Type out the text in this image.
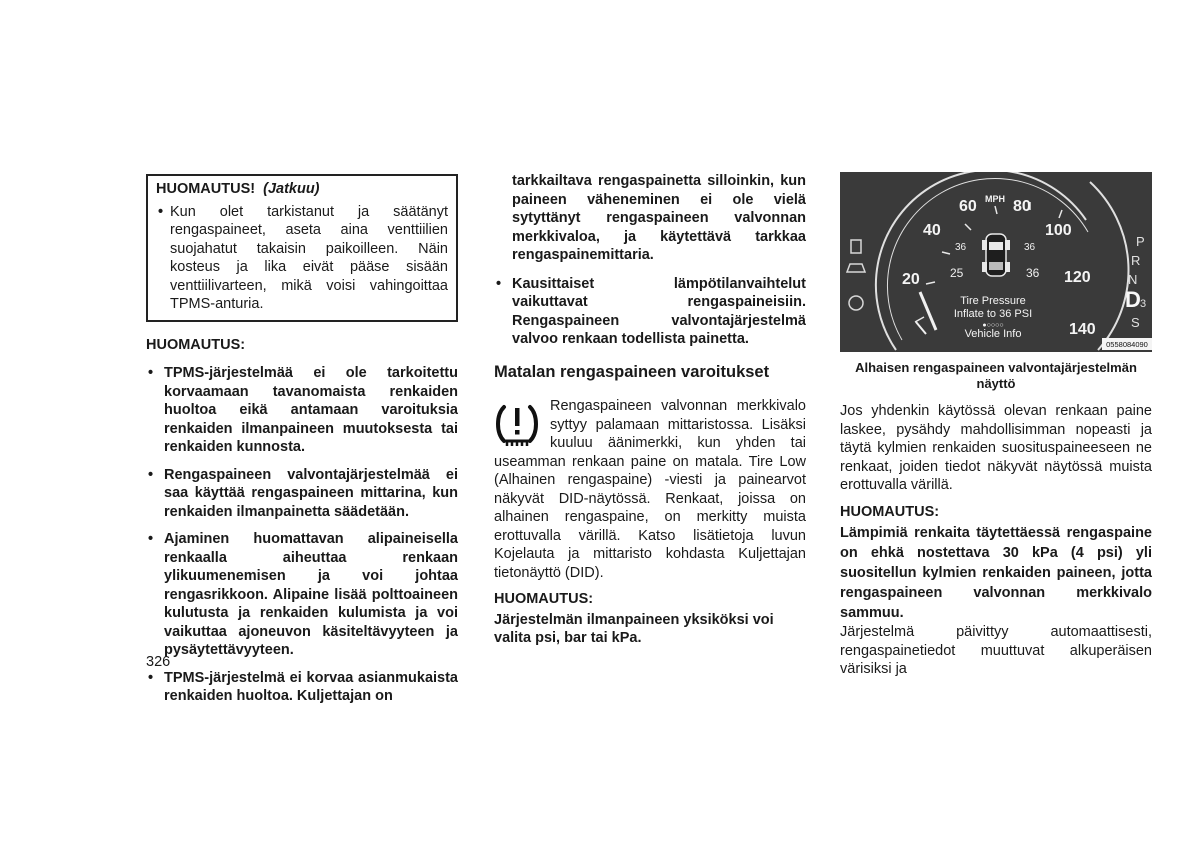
HUOMAUTUS! (Jatkuu)
• Kun olet tarkistanut ja säätänyt rengaspaineet, aseta aina venttiilien suojahatut takaisin paikoilleen. Näin kosteus ja lika eivät pääse sisään venttiilivarteen, mikä voisi vahingoittaa TPMS-anturia.
HUOMAUTUS:
• TPMS-järjestelmää ei ole tarkoitettu korvaamaan tavanomaista renkaiden huoltoa eikä antamaan varoituksia renkaiden ilmanpaineen muutoksesta tai renkaiden kunnosta.
• Rengaspaineen valvontajärjestelmää ei saa käyttää rengaspaineen mittarina, kun renkaiden ilmanpainetta säädetään.
• Ajaminen huomattavan alipaineisella renkaalla aiheuttaa renkaan ylikuumenemisen ja voi johtaa rengasrikkoon. Alipaine lisää polttoaineen kulutusta ja renkaiden kulumista ja voi vaikuttaa ajoneuvon käsiteltävyyteen ja pysäytettävyyteen.
• TPMS-järjestelmä ei korvaa asianmukaista renkaiden huoltoa. Kuljettajan on
tarkkailtava rengaspainetta silloinkin, kun paineen väheneminen ei ole vielä sytyttänyt rengaspaineen valvonnan merkkivaloa, ja käytettävä tarkkaa rengaspainemittaria.
• Kausittaiset lämpötilanvaihtelut vaikuttavat rengaspaineisiin. Rengaspaineen valvontajärjestelmä valvoo renkaan todellista painetta.
Matalan rengaspaineen varoitukset
Rengaspaineen valvonnan merkkivalo syttyy palamaan mittaristossa. Lisäksi kuuluu äänimerkki, kun yhden tai useamman renkaan paine on matala. Tire Low (Alhainen rengaspaine) -viesti ja painearvot näkyvät DID-näytössä. Renkaat, joissa on alhainen rengaspaine, on merkitty muista erottuvalla värillä. Katso lisätietoja luvun Kojelauta ja mittaristo kohdasta Kuljettajan tietonäyttö (DID).
HUOMAUTUS:
Järjestelmän ilmanpaineen yksiköksi voi valita psi, bar tai kPa.
20
40
60 80
100
120
140
MPH
36	36
25	36
Tire Pressure
Inflate to 36 PSI
●○○○○
Vehicle Info
P
R
N
D 3
S
0558084090
Alhaisen rengaspaineen valvontajärjestelmän näyttö
Jos yhdenkin käytössä olevan renkaan paine laskee, pysähdy mahdollisimman nopeasti ja täytä kylmien renkaiden suosituspaineeseen ne renkaat, joiden tiedot näkyvät näytössä muista erottuvalla värillä.
HUOMAUTUS:
Lämpimiä renkaita täytettäessä rengaspaine on ehkä nostettava 30 kPa (4 psi) yli suositellun kylmien renkaiden paineen, jotta rengaspaineen valvonnan merkkivalo sammuu.
Järjestelmä päivittyy automaattisesti, rengaspainetiedot muuttuvat alkuperäisen värisiksi ja
326
